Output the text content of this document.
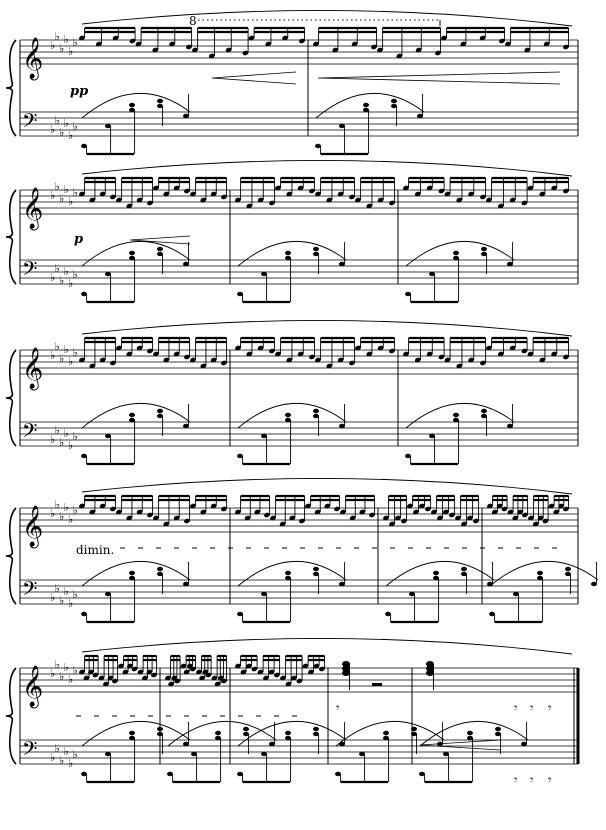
𝄞
𝄢
♭
♭
♭
♭
♭
♭
♭
♭
♭
♭
♭
♭
𝄞
𝄢
♭
♭
♭
♭
♭
♭
♭
♭
♭
♭
♭
♭
𝄞
𝄢
♭
♭
♭
♭
♭
♭
♭
♭
♭
♭
♭
♭
𝄞
𝄢
♭
♭
♭
♭
♭
♭
♭
♭
♭
♭
♭
♭
𝄞
𝄢
♭
♭
♭
♭
♭
♭
♭
♭
♭
♭
♭
♭
𝄾	𝄾 𝄾 𝄾
𝄾 𝄾 𝄾
pp
p
dimin.
8
